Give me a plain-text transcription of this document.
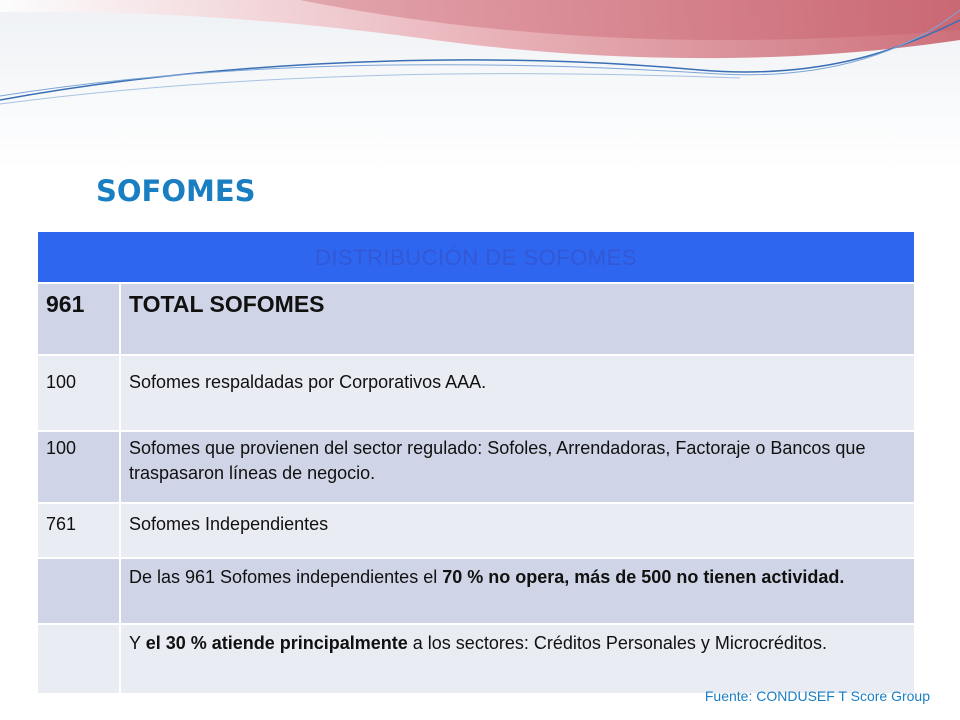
SOFOMES
DISTRIBUCIÓN DE SOFOMES	
961	TOTAL SOFOMES
100	Sofomes respaldadas por Corporativos AAA.
100	Sofomes que provienen del sector regulado: Sofoles, Arrendadoras, Factoraje o Bancos que traspasaron líneas de negocio.
761	Sofomes Independientes
	De las 961 Sofomes independientes el 70 % no opera, más de 500 no tienen actividad.
	Y el 30 % atiende principalmente a los sectores: Créditos Personales y Microcréditos.
Fuente: CONDUSEF T Score Group
